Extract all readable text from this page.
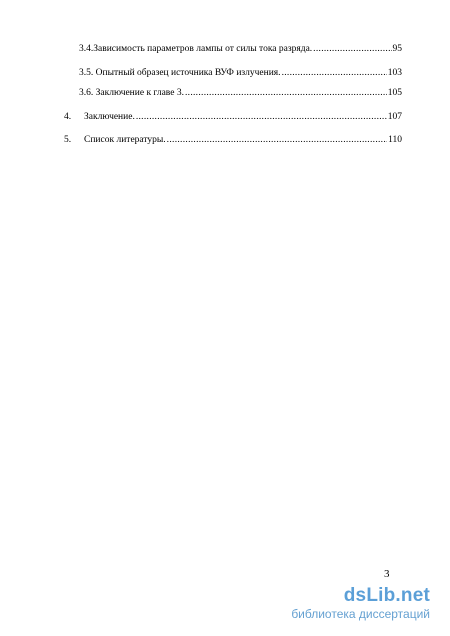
3.4.Зависимость параметров лампы от силы тока разряда. .....	95
3.5. Опытный образец источника ВУФ излучения. .....	103
3.6. Заключение к главе 3. .....	105
4. Заключение. .....	107
5. Список литературы. .....	110
3
dsLib.net
библиотека диссертаций
